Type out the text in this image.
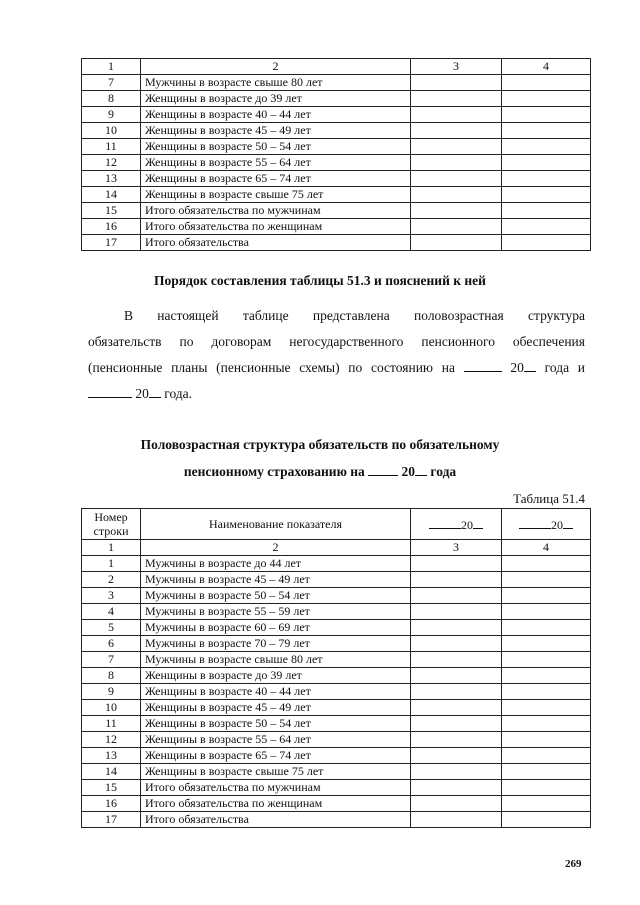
1	2	3	4
7	Мужчины в возрасте свыше 80 лет		
8	Женщины в возрасте до 39 лет		
9	Женщины в возрасте 40 – 44 лет		
10	Женщины в возрасте 45 – 49 лет		
11	Женщины в возрасте 50 – 54 лет		
12	Женщины в возрасте 55 – 64 лет		
13	Женщины в возрасте 65 – 74 лет		
14	Женщины в возрасте свыше 75 лет		
15	Итого обязательства по мужчинам		
16	Итого обязательства по женщинам		
17	Итого обязательства		
Порядок составления таблицы 51.3 и пояснений к ней
В настоящей таблице представлена половозрастная структура
обязательств по договорам негосударственного пенсионного обеспечения
(пенсионные планы (пенсионные схемы) по состоянию на	20 года и
20 года.
Половозрастная структура обязательств по обязательному
пенсионному страхованию на	20 года
Таблица 51.4
Номер строки	Наименование показателя	20	20
1	2	3	4
1	Мужчины в возрасте до 44 лет		
2	Мужчины в возрасте 45 – 49 лет		
3	Мужчины в возрасте 50 – 54 лет		
4	Мужчины в возрасте 55 – 59 лет		
5	Мужчины в возрасте 60 – 69 лет		
6	Мужчины в возрасте 70 – 79 лет		
7	Мужчины в возрасте свыше 80 лет		
8	Женщины в возрасте до 39 лет		
9	Женщины в возрасте 40 – 44 лет		
10	Женщины в возрасте 45 – 49 лет		
11	Женщины в возрасте 50 – 54 лет		
12	Женщины в возрасте 55 – 64 лет		
13	Женщины в возрасте 65 – 74 лет		
14	Женщины в возрасте свыше 75 лет		
15	Итого обязательства по мужчинам		
16	Итого обязательства по женщинам		
17	Итого обязательства		
269
